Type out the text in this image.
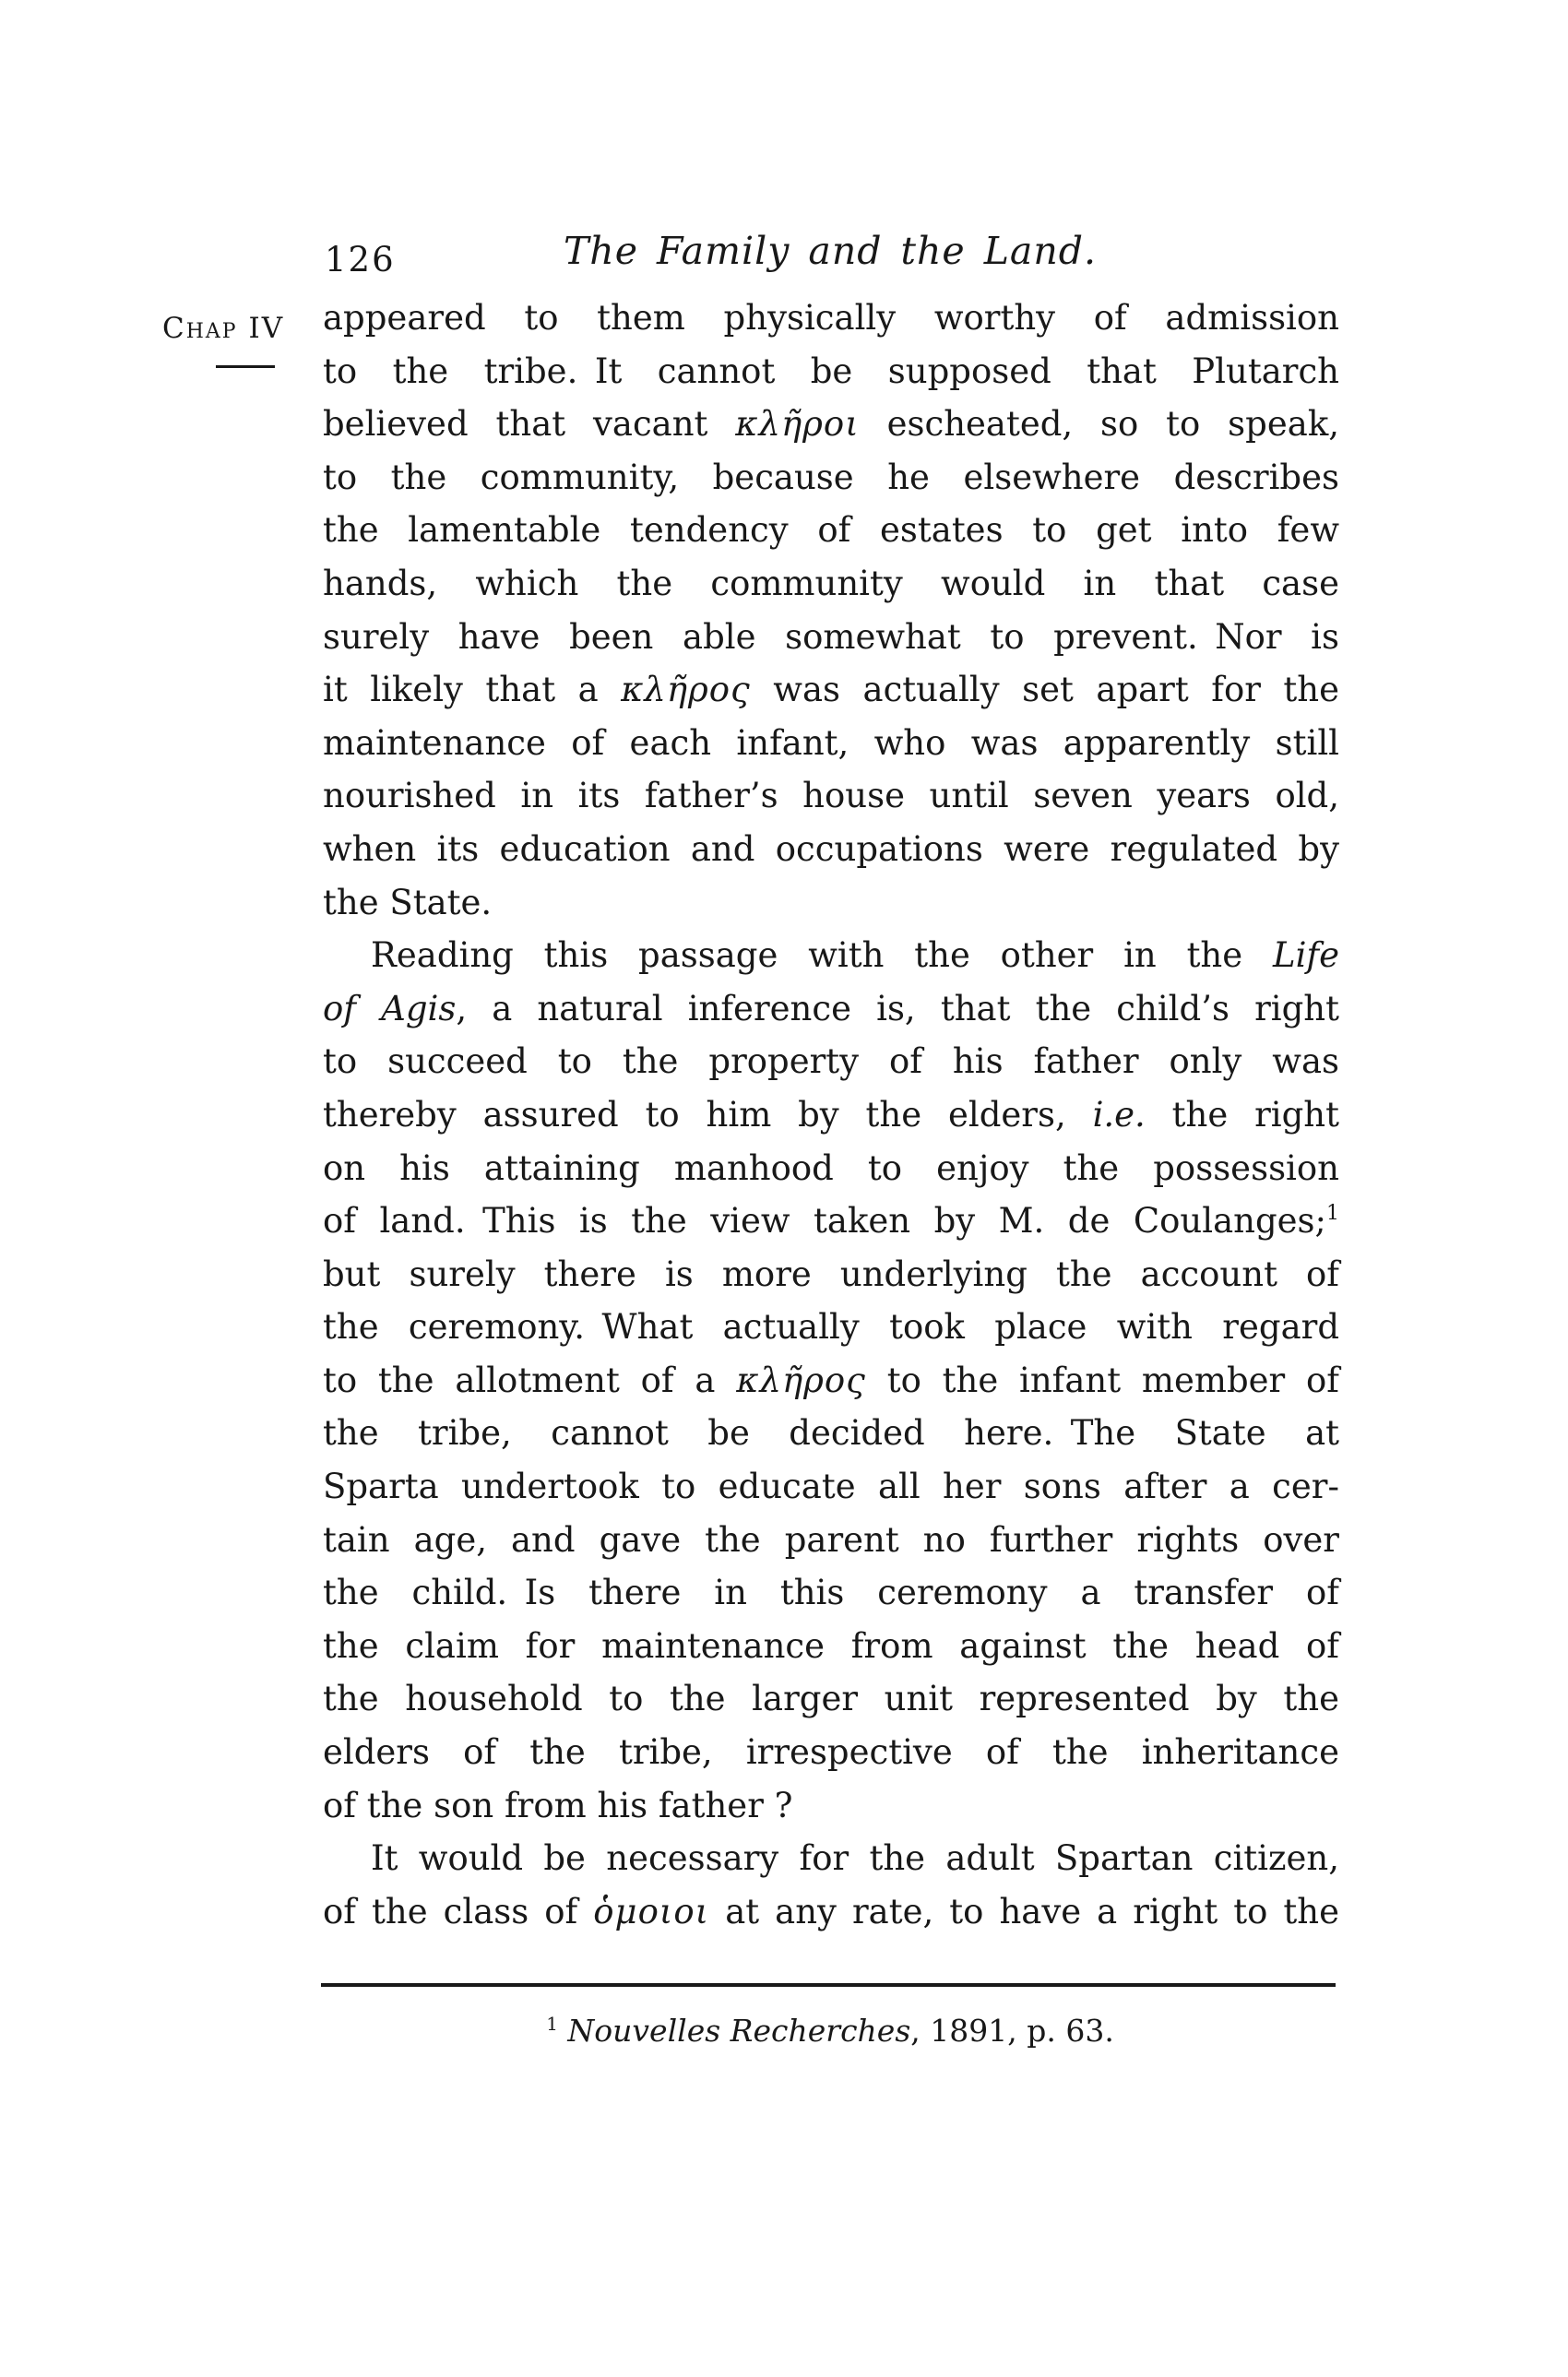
126	The Family and the Land.
Chap IV	appeared to them physically worthy of admission
to the tribe. It cannot be supposed that Plutarch
believed that vacant κλῆροι escheated, so to speak,
to the community, because he elsewhere describes
the lamentable tendency of estates to get into few
hands, which the community would in that case
surely have been able somewhat to prevent. Nor is
it likely that a κλῆρος was actually set apart for the
maintenance of each infant, who was apparently still
nourished in its father’s house until seven years old,
when its education and occupations were regulated by
the State.
Reading this passage with the other in the Life
of Agis, a natural inference is, that the child’s right
to succeed to the property of his father only was
thereby assured to him by the elders, i.e. the right
on his attaining manhood to enjoy the possession
of land. This is the view taken by M. de Coulanges;$^1$
but surely there is more underlying the account of
the ceremony. What actually took place with regard
to the allotment of a κλῆρος to the infant member of
the tribe, cannot be decided here. The State at
Sparta undertook to educate all her sons after a cer-
tain age, and gave the parent no further rights over
the child. Is there in this ceremony a transfer of
the claim for maintenance from against the head of
the household to the larger unit represented by the
elders of the tribe, irrespective of the inheritance
of the son from his father ?
It would be necessary for the adult Spartan citizen,
of the class of ὁμοιοι at any rate, to have a right to the
$^1$ Nouvelles Recherches, 1891, p. 63.
